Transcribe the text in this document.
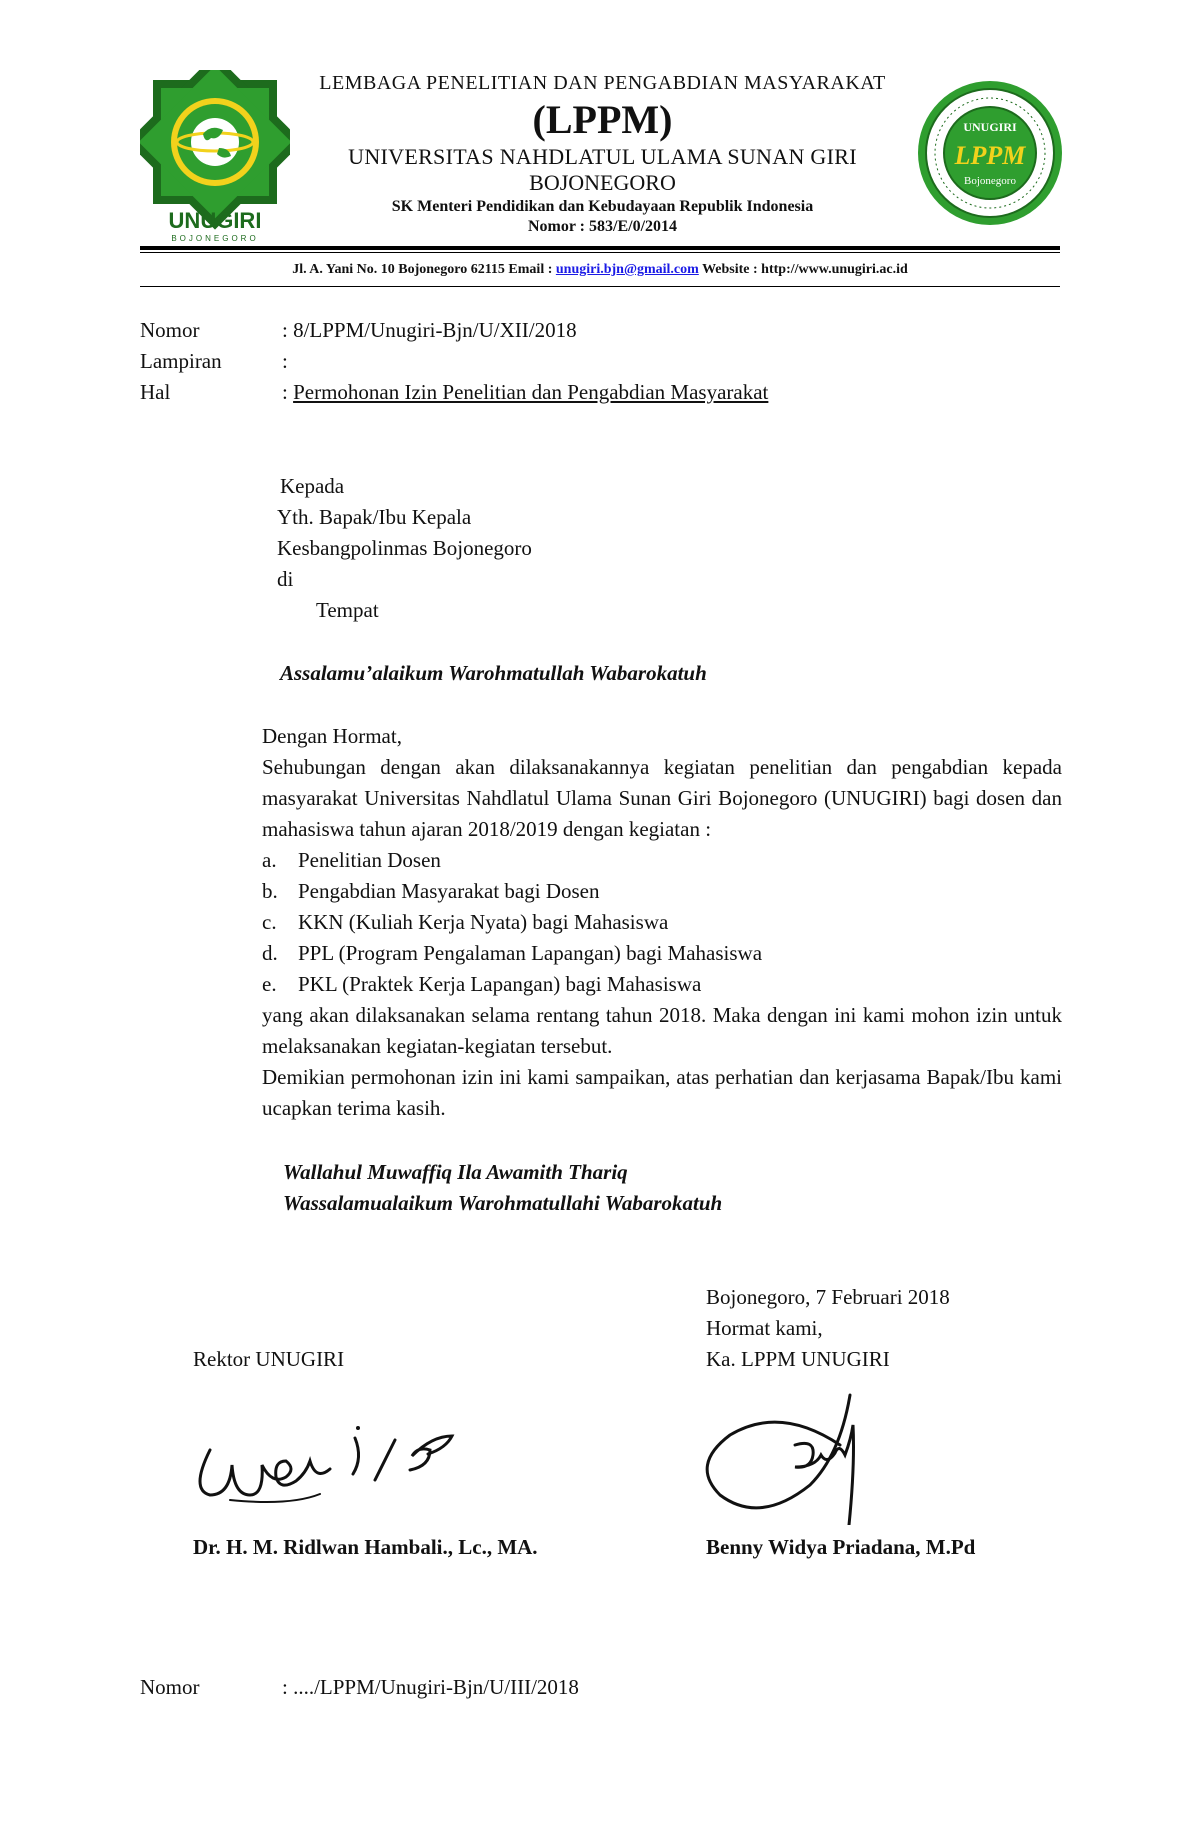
UNUGIRI
BOJONEGORO
LEMBAGA PENELITIAN DAN PENGABDIAN MASYARAKAT
(LPPM)
UNIVERSITAS NAHDLATUL ULAMA SUNAN GIRI
BOJONEGORO
SK Menteri Pendidikan dan Kebudayaan Republik Indonesia
Nomor : 583/E/0/2014
UNUGIRI
LPPM
Bojonegoro
Jl. A. Yani No. 10 Bojonegoro 62115 Email : unugiri.bjn@gmail.com Website : http://www.unugiri.ac.id
Nomor	: 8/LPPM/Unugiri-Bjn/U/XII/2018
Lampiran	:
Hal	: Permohonan Izin Penelitian dan Pengabdian Masyarakat
Kepada
Yth. Bapak/Ibu Kepala
Kesbangpolinmas Bojonegoro
di
Tempat
Assalamu’alaikum Warohmatullah Wabarokatuh
Dengan Hormat,
Sehubungan dengan akan dilaksanakannya kegiatan penelitian dan pengabdian kepada masyarakat Universitas Nahdlatul Ulama Sunan Giri Bojonegoro (UNUGIRI) bagi dosen dan mahasiswa tahun ajaran 2018/2019 dengan kegiatan :
a. Penelitian Dosen
b. Pengabdian Masyarakat bagi Dosen
c. KKN (Kuliah Kerja Nyata) bagi Mahasiswa
d. PPL (Program Pengalaman Lapangan) bagi Mahasiswa
e. PKL (Praktek Kerja Lapangan) bagi Mahasiswa
yang akan dilaksanakan selama rentang tahun 2018. Maka dengan ini kami mohon izin untuk melaksanakan kegiatan-kegiatan tersebut.
Demikian permohonan izin ini kami sampaikan, atas perhatian dan kerjasama Bapak/Ibu kami ucapkan terima kasih.
Wallahul Muwaffiq Ila Awamith Thariq
Wassalamualaikum Warohmatullahi Wabarokatuh
Bojonegoro, 7 Februari 2018
Hormat kami,
Rektor UNUGIRI	Ka. LPPM UNUGIRI
Dr. H. M. Ridlwan Hambali., Lc., MA.	Benny Widya Priadana, M.Pd
Nomor	: ..../LPPM/Unugiri-Bjn/U/III/2018
